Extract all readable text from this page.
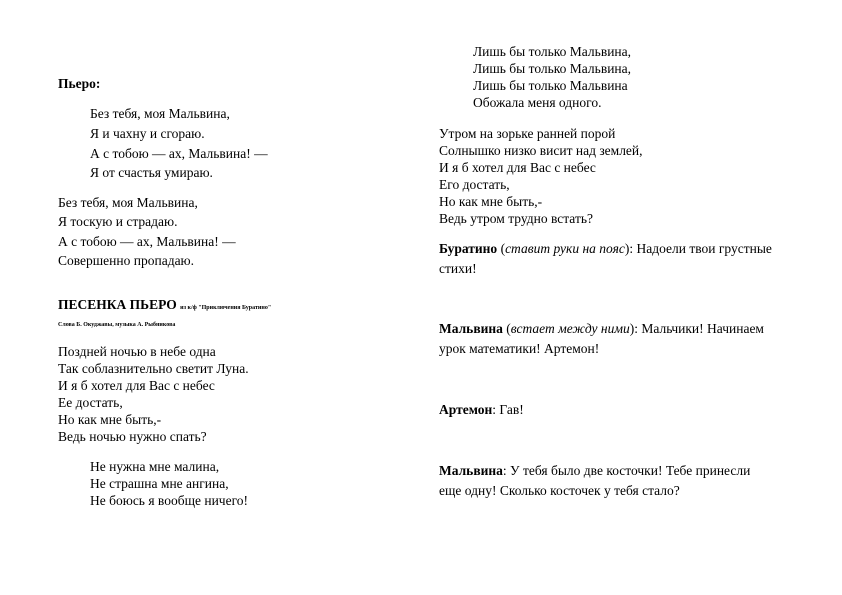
Пьеро:
Без тебя, моя Мальвина,
Я и чахну и сгораю.
А с тобою — ах, Мальвина! —
Я от счастья умираю.
Без тебя, моя Мальвина,
Я тоскую и страдаю.
А с тобою — ах, Мальвина! —
Совершенно пропадаю.
ПЕСЕНКА ПЬЕРО из к/ф "Приключения Буратино"
Слова Б. Окуджавы, музыка А. Рыбникова
Поздней ночью в небе одна
Так соблазнительно светит Луна.
И я б хотел для Вас с небес
Ее достать,
Но как мне быть,-
Ведь ночью нужно спать?
Не нужна мне малина,
Не страшна мне ангина,
Не боюсь я вообще ничего!
Лишь бы только Мальвина,
Лишь бы только Мальвина,
Лишь бы только Мальвина
Обожала меня одного.
Утром на зорьке ранней порой
Солнышко низко висит над землей,
И я б хотел для Вас с небес
Его достать,
Но как мне быть,-
Ведь утром трудно встать?
Буратино (ставит руки на пояс): Надоели твои грустные
стихи!
Мальвина (встает между ними): Мальчики! Начинаем
урок математики! Артемон!
Артемон: Гав!
Мальвина: У тебя было две косточки! Тебе принесли
еще одну! Сколько косточек у тебя стало?
